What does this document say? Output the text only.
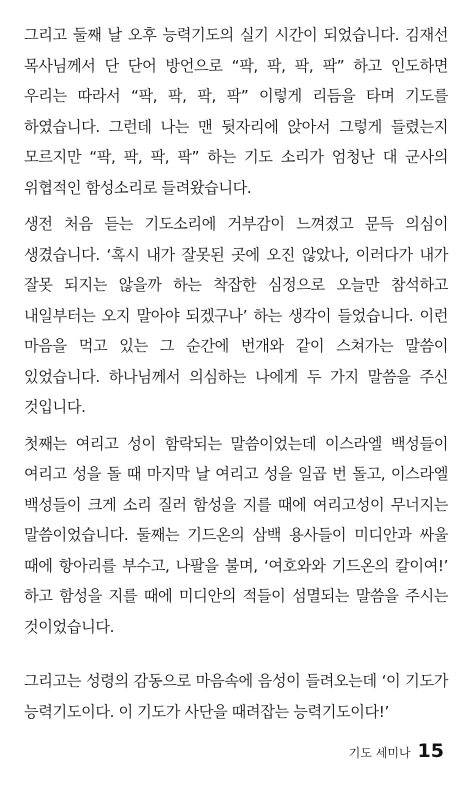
그리고 둘째 날 오후 능력기도의 실기 시간이 되었습니다. 김재선 목사님께서 단 단어 방언으로 “팍, 팍, 팍, 팍” 하고 인도하면 우리는 따라서 “팍, 팍, 팍, 팍” 이렇게 리듬을 타며 기도를 하였습니다. 그런데 나는 맨 뒷자리에 앉아서 그렇게 들렸는지 모르지만 “팍, 팍, 팍, 팍” 하는 기도 소리가 엄청난 대 군사의 위협적인 함성소리로 들려왔습니다.

생전 처음 듣는 기도소리에 거부감이 느껴졌고 문득 의심이 생겼습니다. ‘혹시 내가 잘못된 곳에 오진 않았나, 이러다가 내가 잘못 되지는 않을까 하는 착잡한 심정으로 오늘만 참석하고 내일부터는 오지 말아야 되겠구나’ 하는 생각이 들었습니다. 이런 마음을 먹고 있는 그 순간에 번개와 같이 스쳐가는 말씀이 있었습니다. 하나님께서 의심하는 나에게 두 가지 말씀을 주신 것입니다.

첫째는 여리고 성이 함락되는 말씀이었는데 이스라엘 백성들이 여리고 성을 돌 때 마지막 날 여리고 성을 일곱 번 돌고, 이스라엘 백성들이 크게 소리 질러 함성을 지를 때에 여리고성이 무너지는 말씀이었습니다. 둘째는 기드온의 삼백 용사들이 미디안과 싸울 때에 항아리를 부수고, 나팔을 불며, ‘여호와와 기드온의 칼이여!’ 하고 함성을 지를 때에 미디안의 적들이 섬멸되는 말씀을 주시는 것이었습니다.

그리고는 성령의 감동으로 마음속에 음성이 들려오는데 ‘이 기도가 능력기도이다. 이 기도가 사단을 때려잡는 능력기도이다!’

기도 세미나 15
